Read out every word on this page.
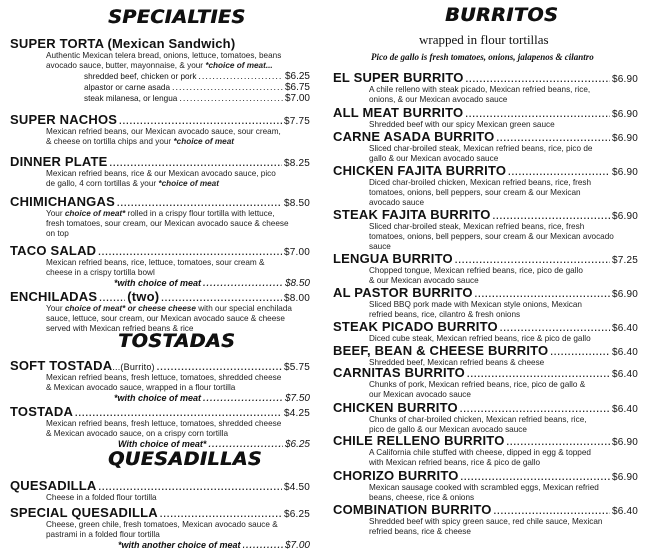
SPECIALTIES
SUPER TORTA (Mexican Sandwich)
Authentic Mexican telera bread, onions, lettuce, tomatoes, beans
avocado sauce, butter, mayonnaise, & your *choice of meat...
shredded beef, chicken or pork .....	$6.25
alpastor or carne asada .....	$6.75
steak milanesa, or lengua .....	$7.00
SUPER NACHOS .....	$7.75
Mexican refried beans, our Mexican avocado sauce, sour cream,
& cheese on tortilla chips and your *choice of meat
DINNER PLATE .....	$8.25
Mexican refried beans, rice & our Mexican avocado sauce, pico
de gallo, 4 corn tortillas & your *choice of meat
CHIMICHANGAS .....	$8.50
Your choice of meat* rolled in a crispy flour tortilla with lettuce,
fresh tomatoes, sour cream, our Mexican avocado sauce & cheese
on top
TACO SALAD .....	$7.00
Mexican refried beans, rice, lettuce, tomatoes, sour cream &
cheese in a crispy tortilla bowl
*with choice of meat .....	$8.50
ENCHILADAS ..... (two) .....	$8.00
Your choice of meat* or cheese cheese with our special enchilada
sauce, lettuce, sour cream, our Mexican avocado sauce & cheese
served with Mexican refried beans & rice
TOSTADAS
SOFT TOSTADA ... (Burrito) .....	$5.75
Mexican refried beans, fresh lettuce, tomatoes, shredded cheese
& Mexican avocado sauce, wrapped in a flour tortilla
*with choice of meat .....	$7.50
TOSTADA .....	$4.25
Mexican refried beans, fresh lettuce, tomatoes, shredded cheese
& Mexican avocado sauce, on a crispy corn tortilla
With choice of meat* .....	$6.25
QUESADILLAS
QUESADILLA .....	$4.50
Cheese in a folded flour tortilla
SPECIAL QUESADILLA .....	$6.25
Cheese, green chile, fresh tomatoes, Mexican avocado sauce &
pastrami in a folded flour tortilla
*with another choice of meat .....	$7.00
BURRITOS
wrapped in flour tortillas
Pico de gallo is fresh tomatoes, onions, jalapenos & cilantro
EL SUPER BURRITO .....	$6.90
A chile relleno with steak picado, Mexican refried beans, rice,
onions, & our Mexican avocado sauce
ALL MEAT BURRITO .....	$6.90
Shredded beef with our spicy Mexican green sauce
CARNE ASADA BURRITO .....	$6.90
Sliced char-broiled steak, Mexican refried beans, rice, pico de
gallo & our Mexican avocado sauce
CHICKEN FAJITA BURRITO .....	$6.90
Diced char-broiled chicken, Mexican refried beans, rice, fresh
tomatoes, onions, bell peppers, sour cream & our Mexican
avocado sauce
STEAK FAJITA BURRITO .....	$6.90
Sliced char-broiled steak, Mexican refried beans, rice, fresh
tomatoes, onions, bell peppers, sour cream & our Mexican avocado
sauce
LENGUA BURRITO .....	$7.25
Chopped tongue, Mexican refried beans, rice, pico de gallo
& our Mexican avocado sauce
AL PASTOR BURRITO .....	$6.90
Sliced BBQ pork made with Mexican style onions, Mexican
refried beans, rice, cilantro & fresh onions
STEAK PICADO BURRITO .....	$6.40
Diced cube steak, Mexican refried beans, rice & pico de gallo
BEEF, BEAN & CHEESE BURRITO .....	$6.40
Shredded beef, Mexican refried beans & cheese
CARNITAS BURRITO .....	$6.40
Chunks of pork, Mexican refried beans, rice, pico de gallo &
our Mexican avocado sauce
CHICKEN BURRITO .....	$6.40
Chunks of char-broiled chicken, Mexican refried beans, rice,
pico de gallo & our Mexican avocado sauce
CHILE RELLENO BURRITO .....	$6.90
A California chile stuffed with cheese, dipped in egg & topped
with Mexican refried beans, rice & pico de gallo
CHORIZO BURRITO .....	$6.90
Mexican sausage cooked with scrambled eggs, Mexican refried
beans, cheese, rice & onions
COMBINATION BURRITO .....	$6.40
Shredded beef with spicy green sauce, red chile sauce, Mexican
refried beans, rice & cheese
